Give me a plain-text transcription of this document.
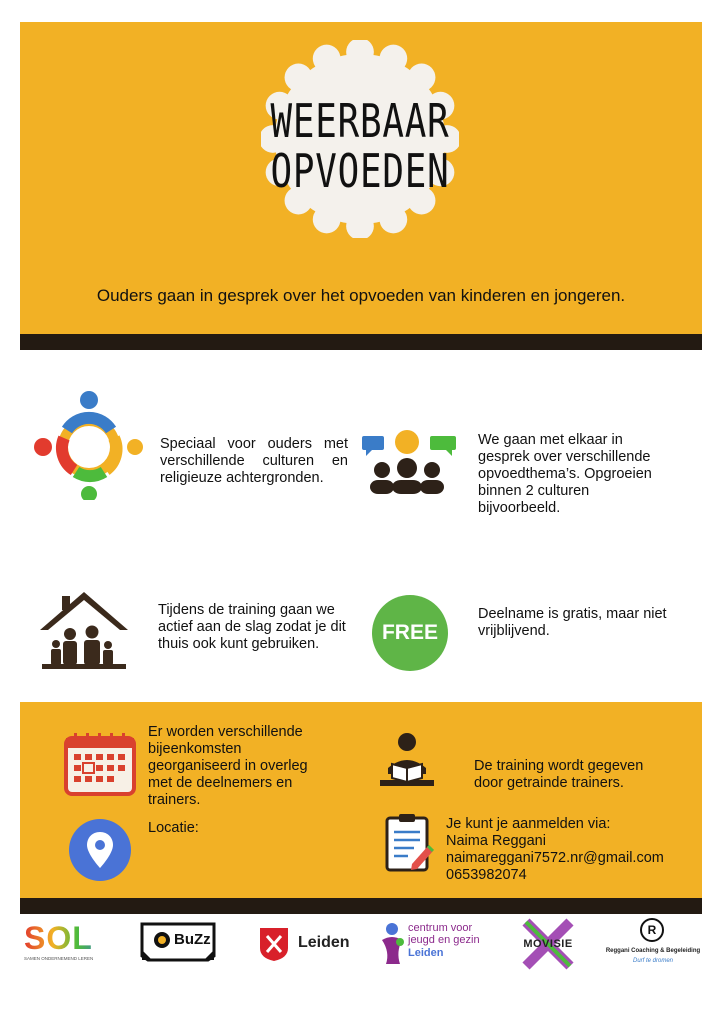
WEERBAAR
OPVOEDEN
Ouders gaan in gesprek over het opvoeden van kinderen en jongeren.
Speciaal voor ouders met verschillende culturen en religieuze achtergronden.
We gaan met elkaar in gesprek over verschillende opvoedthema’s. Opgroeien binnen 2 culturen bijvoorbeeld.
Tijdens de training gaan we actief aan de slag zodat je dit thuis ook kunt gebruiken.	FREE
Deelname is gratis, maar niet vrijblijvend.
Er worden verschillende bijeenkomsten georganiseerd in overleg met de deelnemers en trainers.
De training wordt gegeven door getrainde trainers.
Locatie:	Je kunt je aanmelden via:
Naima Reggani
naimareggani7572.nr@gmail.com
0653982074
SOL
SAMEN ONDERNEMEND LEREN
BuZz	Leiden
centrum voor
jeugd en gezin
Leiden
MOVISIE
R
Reggani Coaching & Begeleiding
Durf te dromen
